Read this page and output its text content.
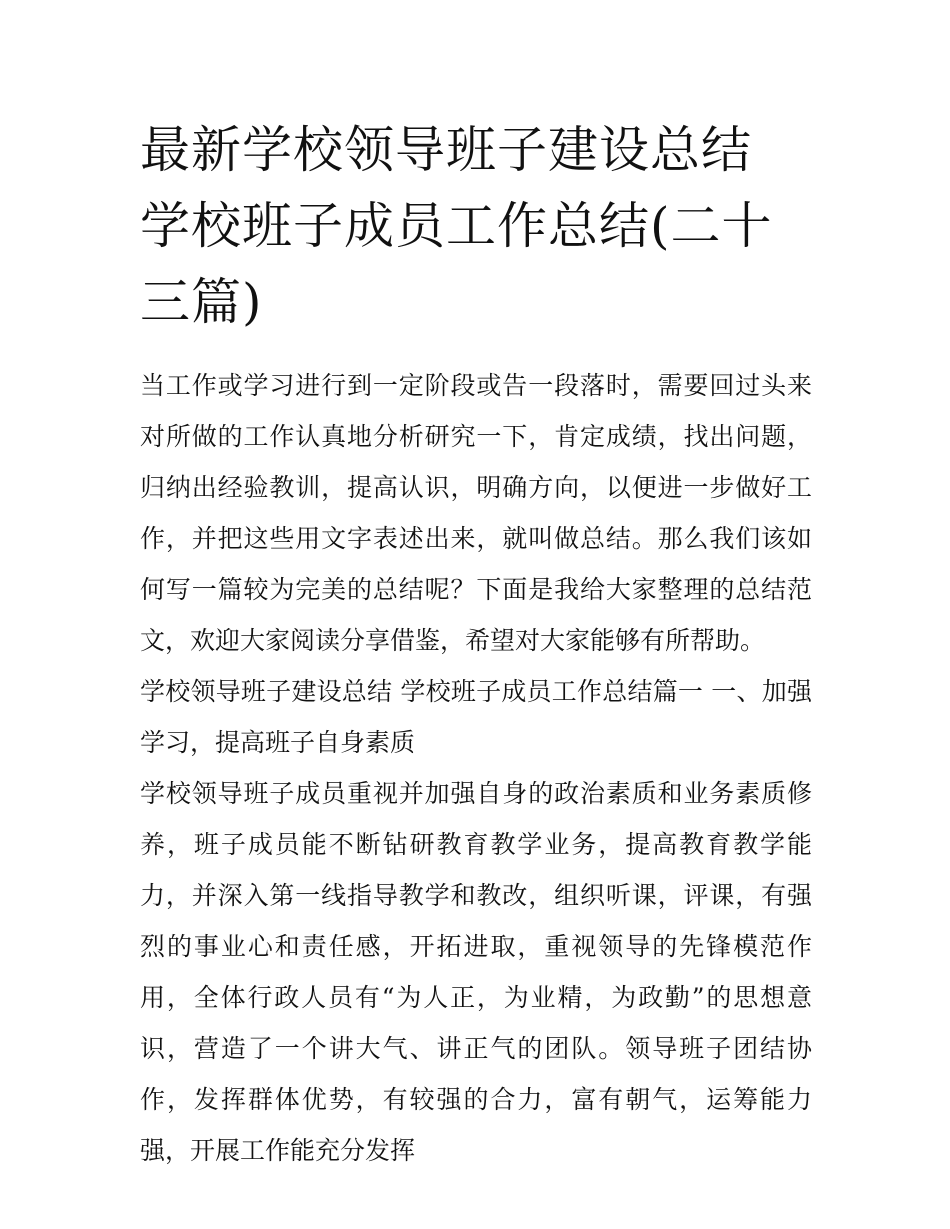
最新学校领导班子建设总结 学校班子成员工作总结(二十三篇)

当工作或学习进行到一定阶段或告一段落时，需要回过头来对所做的工作认真地分析研究一下，肯定成绩，找出问题，归纳出经验教训，提高认识，明确方向，以便进一步做好工作，并把这些用文字表述出来，就叫做总结。那么我们该如何写一篇较为完美的总结呢？下面是我给大家整理的总结范文，欢迎大家阅读分享借鉴，希望对大家能够有所帮助。

学校领导班子建设总结 学校班子成员工作总结篇一 一、加强学习，提高班子自身素质

学校领导班子成员重视并加强自身的政治素质和业务素质修养，班子成员能不断钻研教育教学业务，提高教育教学能力，并深入第一线指导教学和教改，组织听课，评课，有强烈的事业心和责任感，开拓进取，重视领导的先锋模范作用，全体行政人员有“为人正，为业精，为政勤”的思想意识，营造了一个讲大气、讲正气的团队。领导班子团结协作，发挥群体优势，有较强的合力，富有朝气，运筹能力强，开展工作能充分发挥
